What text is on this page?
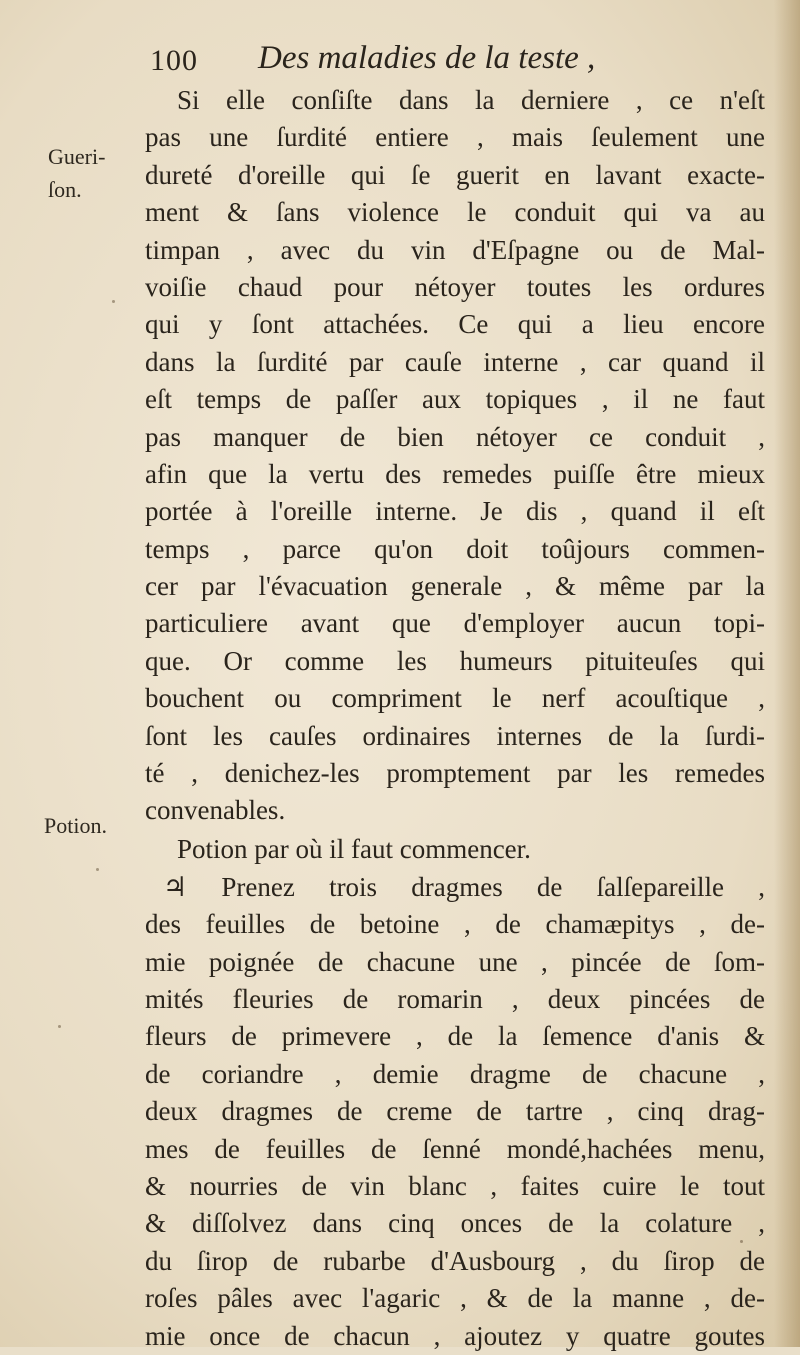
100 Des maladies de la teste ,
Gueri-
ſon.
Potion.
Si elle conſiſte dans la derniere , ce n'eſt
pas une ſurdité entiere , mais ſeulement une
dureté d'oreille qui ſe guerit en lavant exacte-
ment & ſans violence le conduit qui va au
timpan , avec du vin d'Eſpagne ou de Mal-
voiſie chaud pour nétoyer toutes les ordures
qui y ſont attachées. Ce qui a lieu encore
dans la ſurdité par cauſe interne , car quand il
eſt temps de paſſer aux topiques , il ne faut
pas manquer de bien nétoyer ce conduit ,
afin que la vertu des remedes puiſſe être mieux
portée à l'oreille interne. Je dis , quand il eſt
temps , parce qu'on doit toûjours commen-
cer par l'évacuation generale , & même par la
particuliere avant que d'employer aucun topi-
que. Or comme les humeurs pituiteuſes qui
bouchent ou compriment le nerf acouſtique ,
ſont les cauſes ordinaires internes de la ſurdi-
té , denichez-les promptement par les remedes
convenables.
Potion par où il faut commencer.
♃ Prenez trois dragmes de ſalſepareille ,
des feuilles de betoine , de chamæpitys , de-
mie poignée de chacune une , pincée de ſom-
mités fleuries de romarin , deux pincées de
fleurs de primevere , de la ſemence d'anis &
de coriandre , demie dragme de chacune ,
deux dragmes de creme de tartre , cinq drag-
mes de feuilles de ſenné mondé,hachées menu,
& nourries de vin blanc , faites cuire le tout
& diſſolvez dans cinq onces de la colature ,
du ſirop de rubarbe d'Ausbourg , du ſirop de
roſes pâles avec l'agaric , & de la manne , de-
mie once de chacun , ajoutez y quatre goutes
